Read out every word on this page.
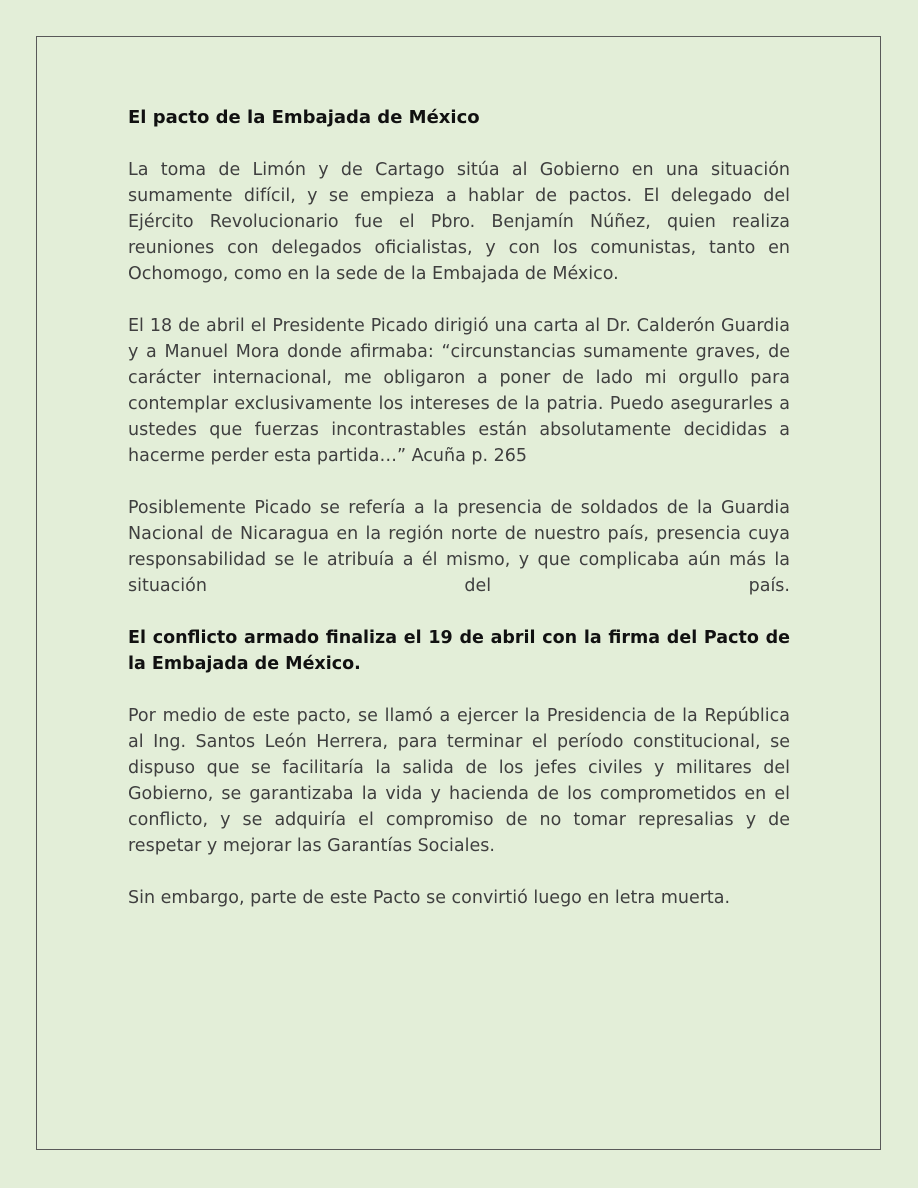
El pacto de la Embajada de México

La toma de Limón y de Cartago sitúa al Gobierno en una situación sumamente difícil, y se empieza a hablar de pactos. El delegado del Ejército Revolucionario fue el Pbro. Benjamín Núñez, quien realiza reuniones con delegados oficialistas, y con los comunistas, tanto en Ochomogo, como en la sede de la Embajada de México.

El 18 de abril el Presidente Picado dirigió una carta al Dr. Calderón Guardia y a Manuel Mora donde afirmaba: “circunstancias sumamente graves, de carácter internacional, me obligaron a poner de lado mi orgullo para contemplar exclusivamente los intereses de la patria. Puedo asegurarles a ustedes que fuerzas incontrastables están absolutamente decididas a hacerme perder esta partida…” Acuña p. 265

Posiblemente Picado se refería a la presencia de soldados de la Guardia Nacional de Nicaragua en la región norte de nuestro país, presencia cuya responsabilidad se le atribuía a él mismo, y que complicaba aún más la situación del país.

El conflicto armado finaliza el 19 de abril con la firma del Pacto de la Embajada de México.

Por medio de este pacto, se llamó a ejercer la Presidencia de la República al Ing. Santos León Herrera, para terminar el período constitucional, se dispuso que se facilitaría la salida de los jefes civiles y militares del Gobierno, se garantizaba la vida y hacienda de los comprometidos en el conflicto, y se adquiría el compromiso de no tomar represalias y de respetar y mejorar las Garantías Sociales.

Sin embargo, parte de este Pacto se convirtió luego en letra muerta.
